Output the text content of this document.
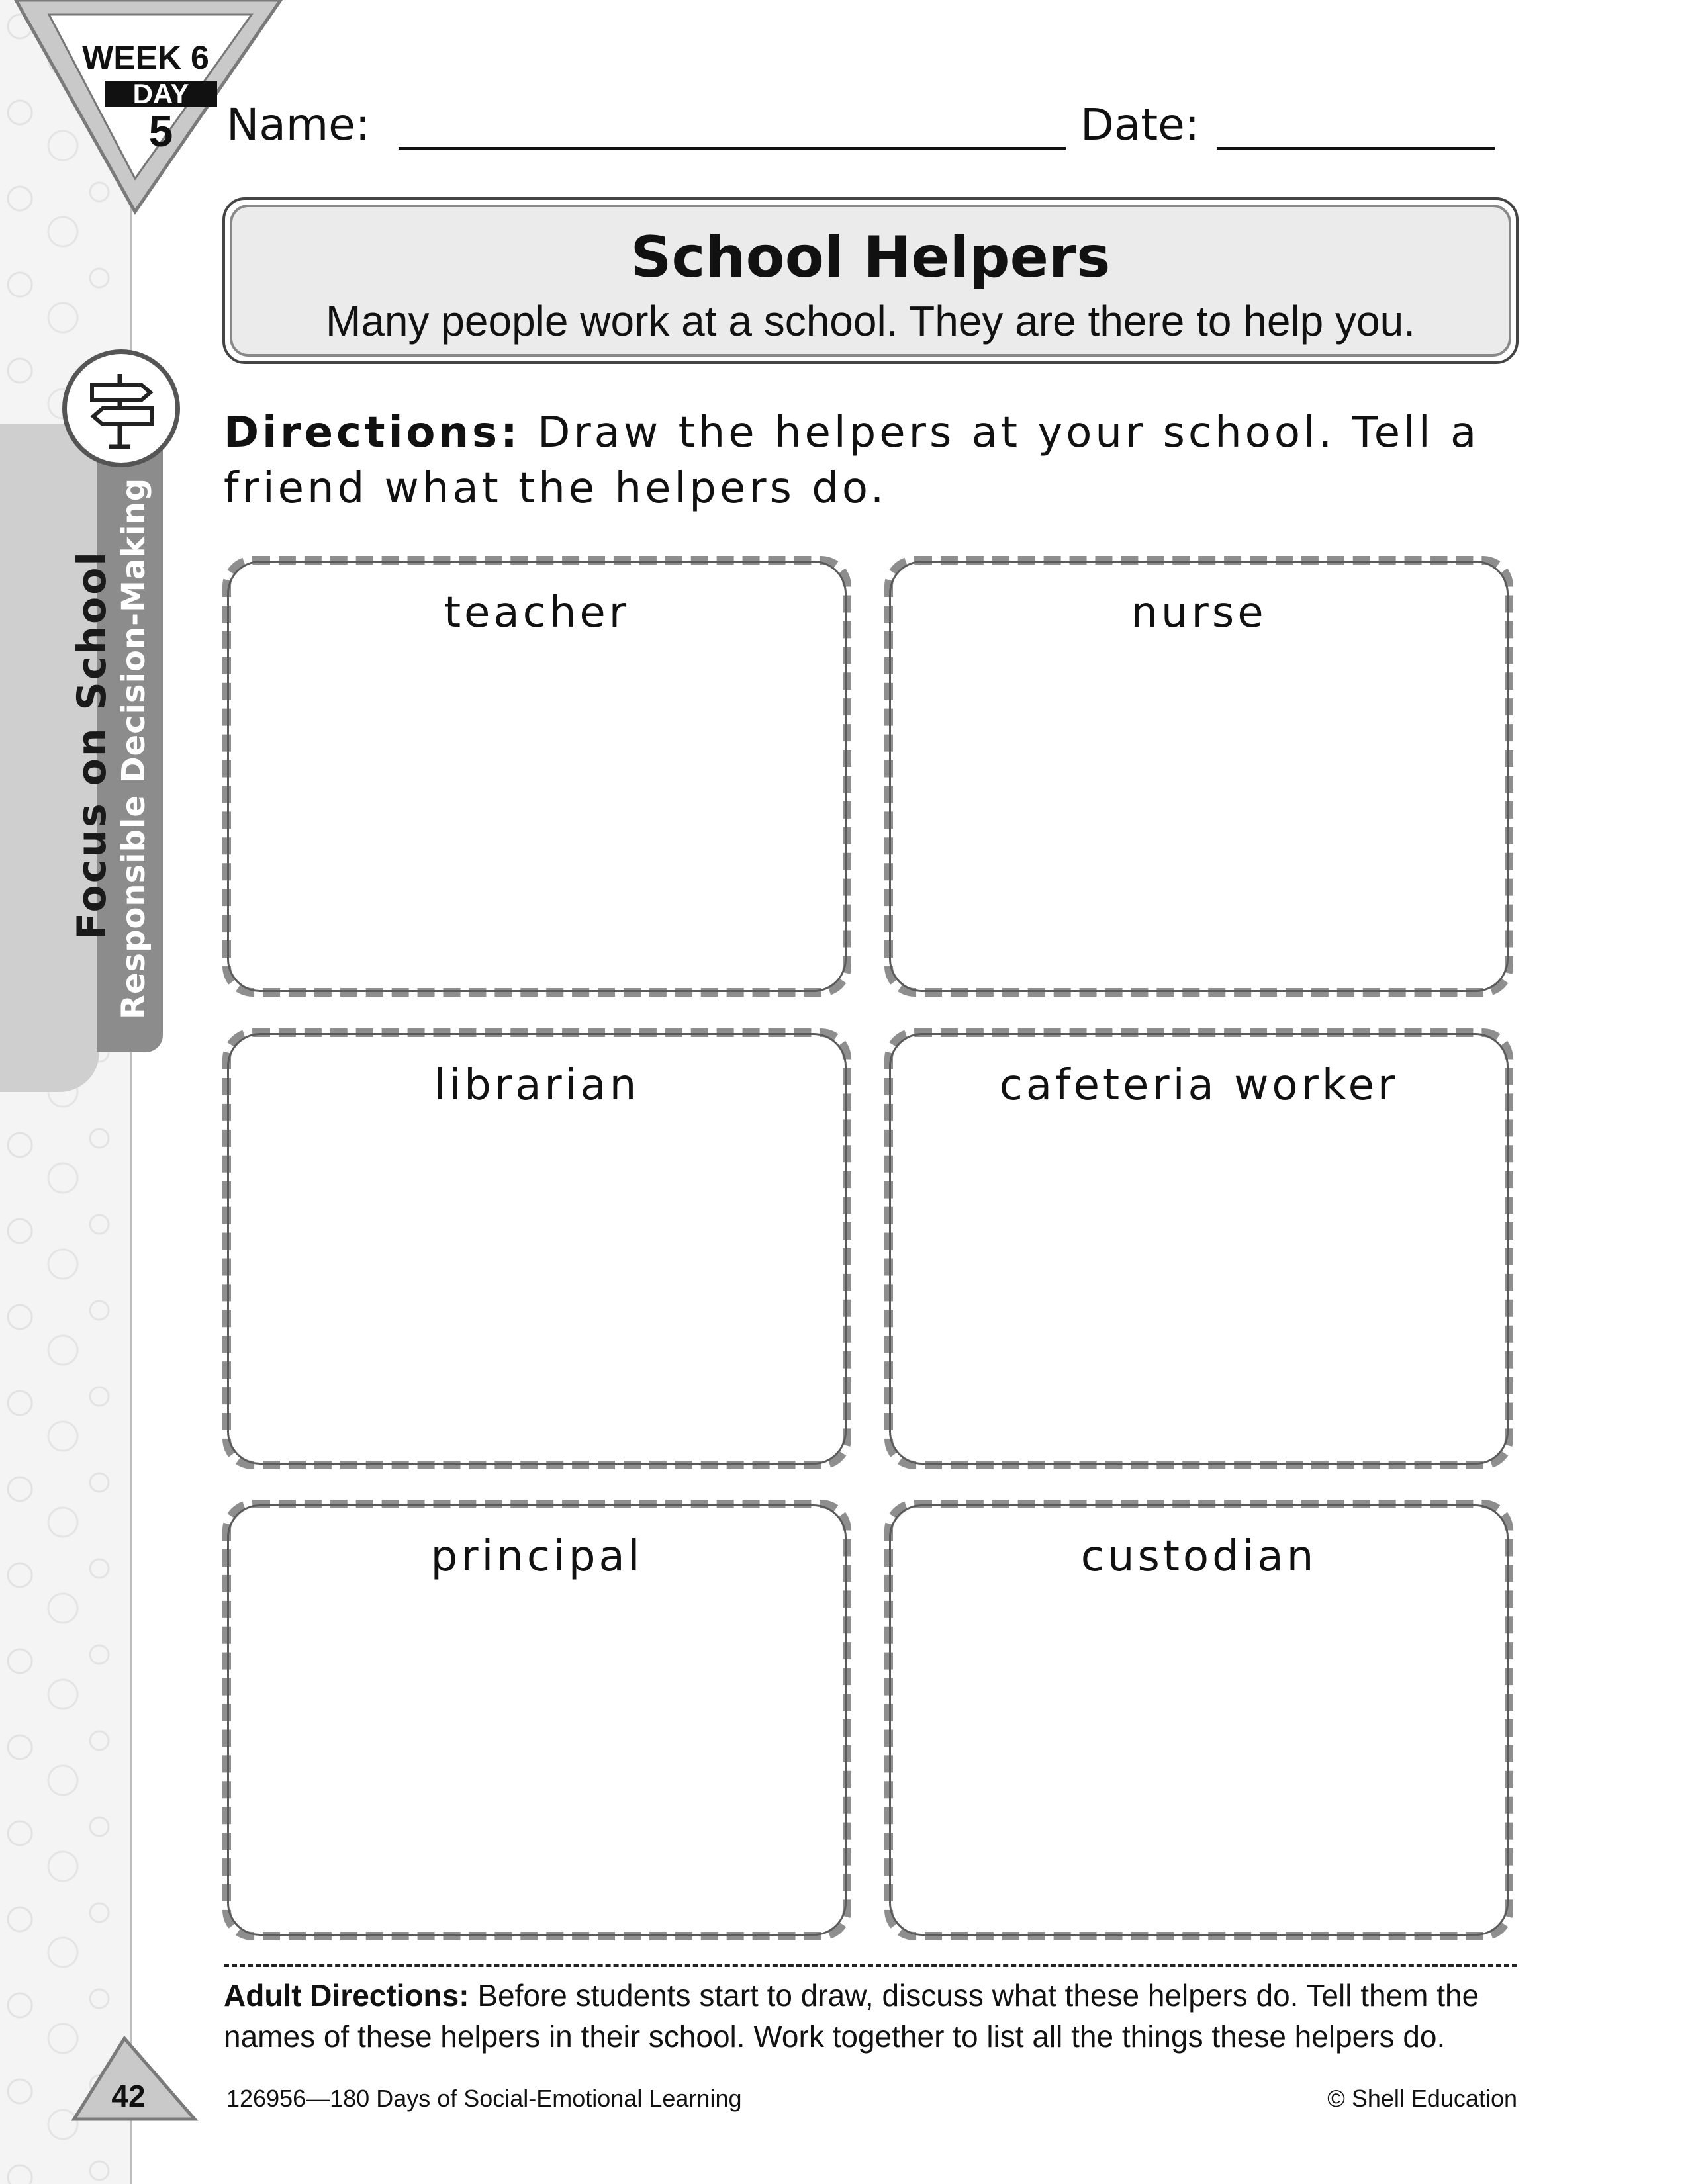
Focus on School Responsible Decision-Making
WEEK 6
DAY
5	Name:	Date:
School Helpers
Many people work at a school. They are there to help you.
Directions: Draw the helpers at your school. Tell a friend what the helpers do.
teacher	nurse
librarian	cafeteria worker
principal	custodian
Adult Directions: Before students start to draw, discuss what these helpers do. Tell them the names of these helpers in their school. Work together to list all the things these helpers do.
42	126956—180 Days of Social-Emotional Learning	© Shell Education
